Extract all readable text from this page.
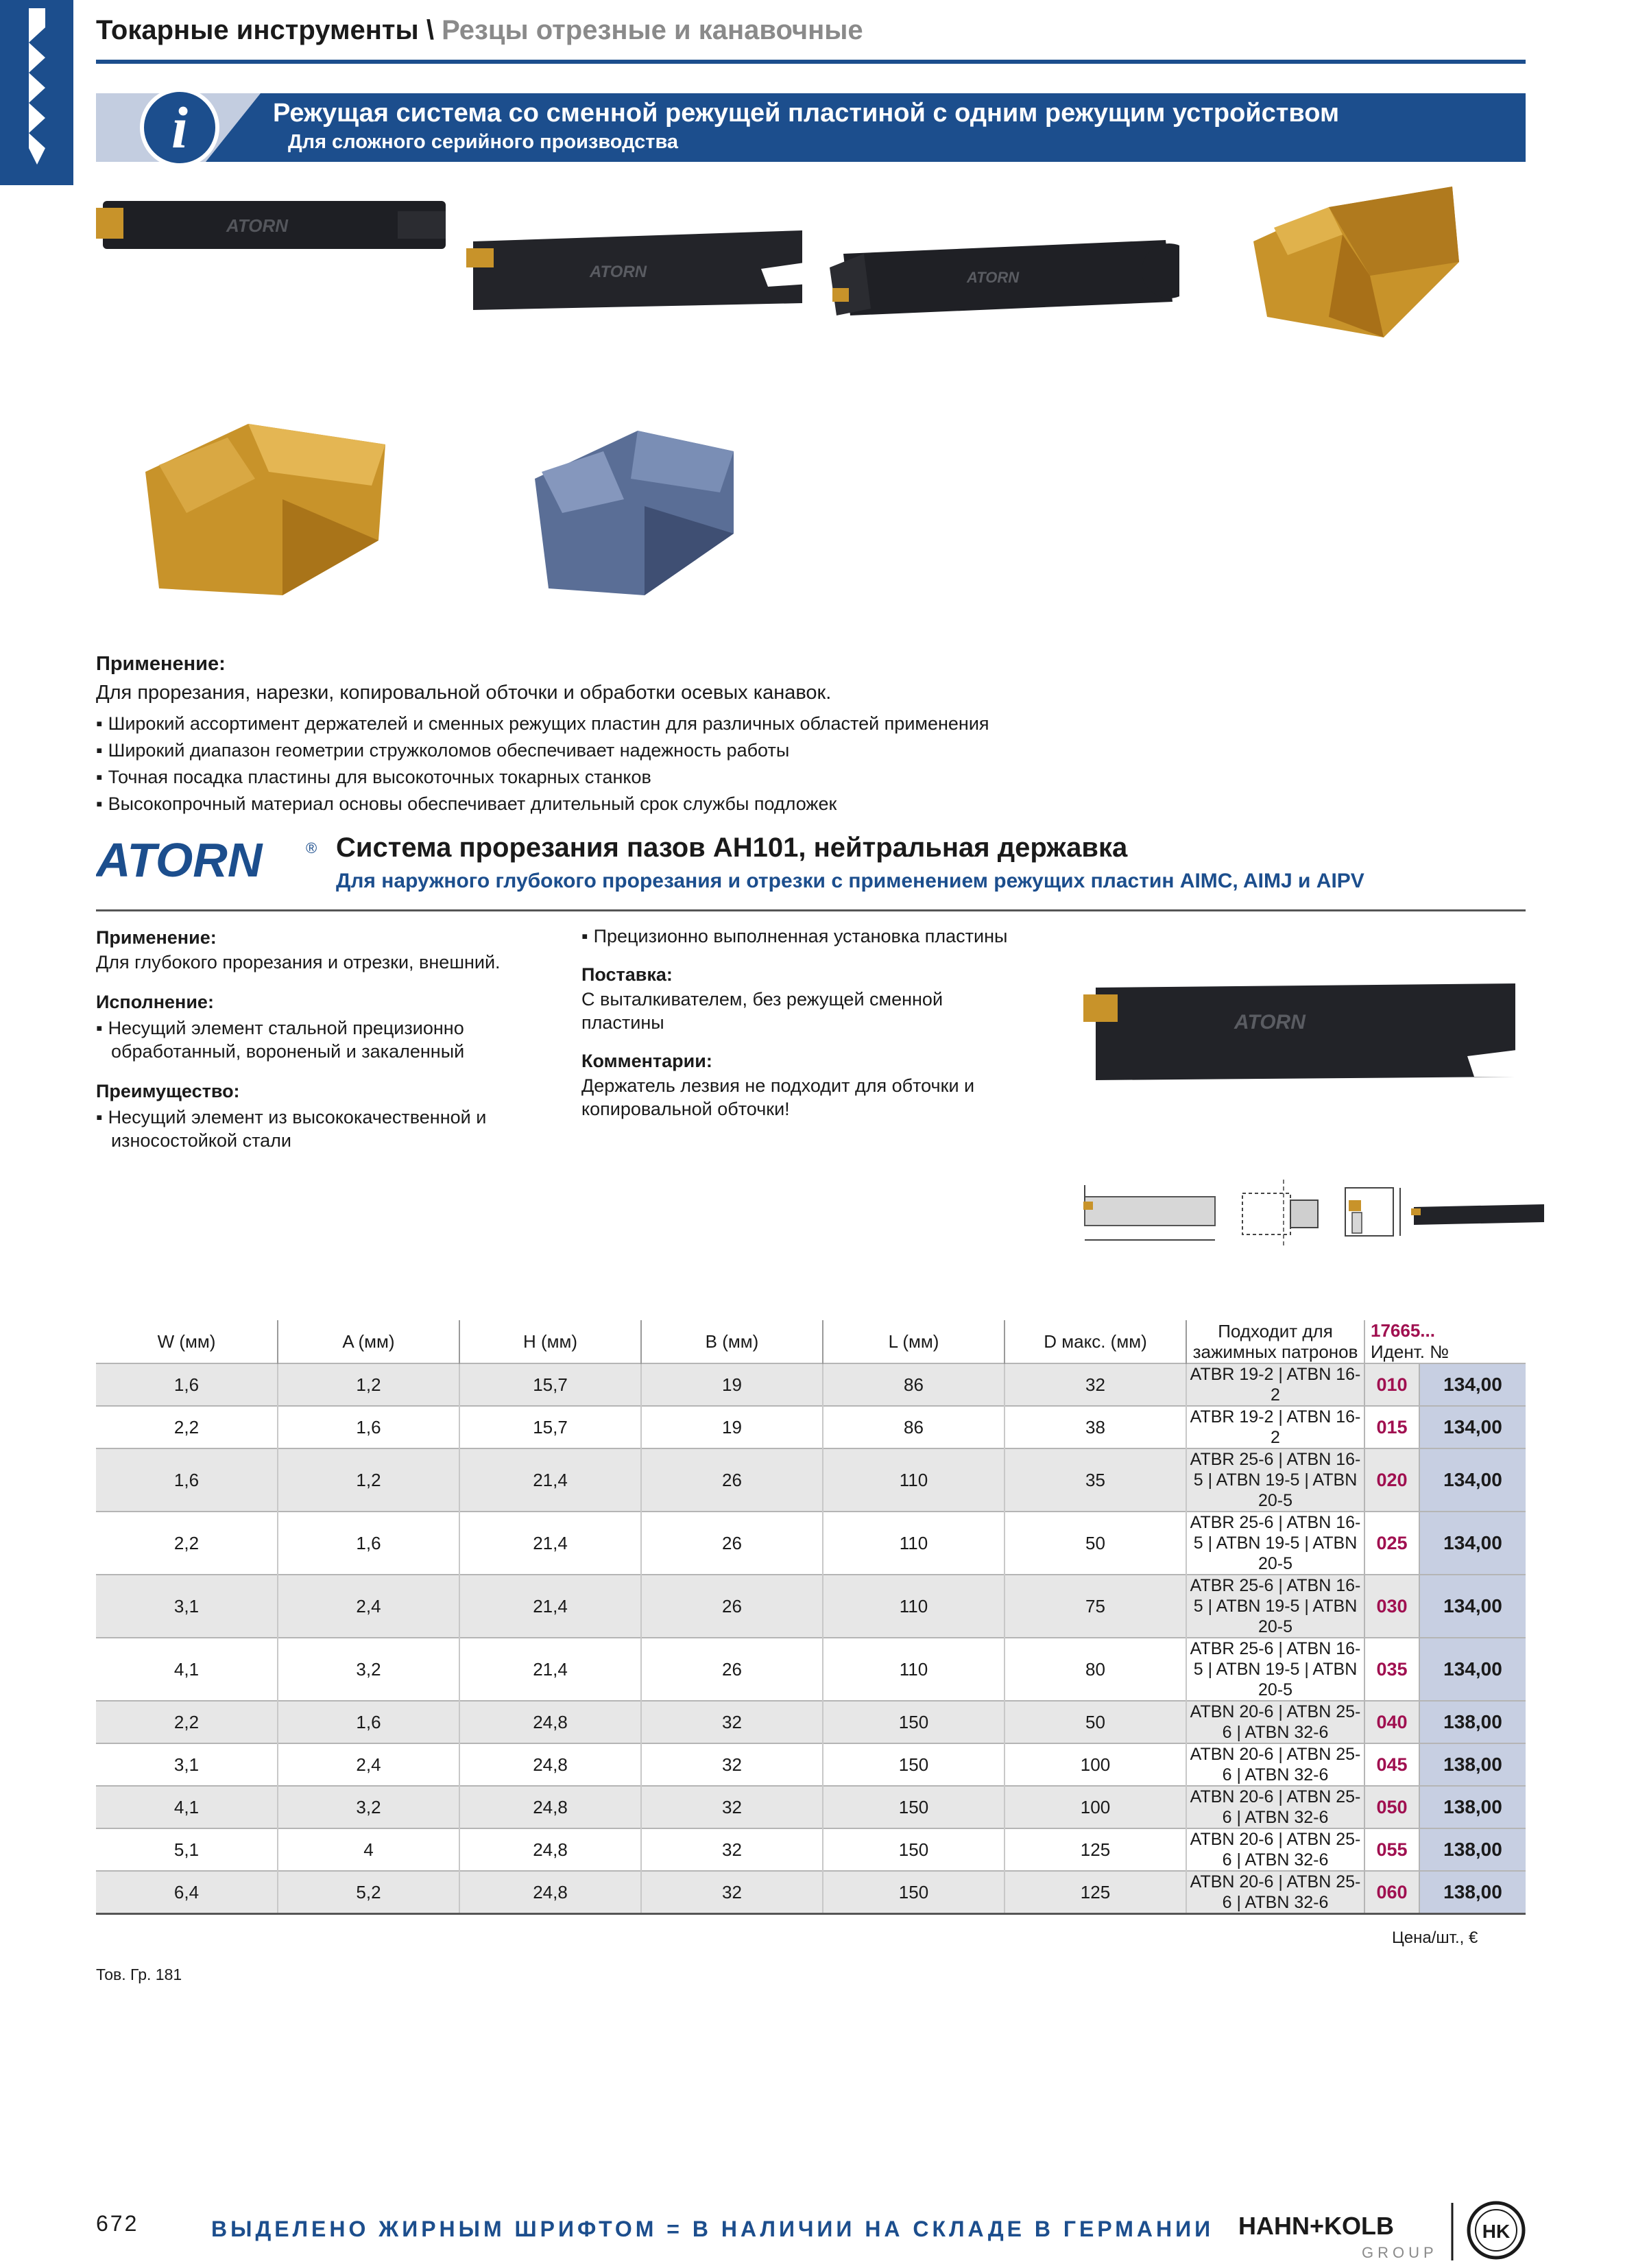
Токарные инструменты \ Резцы отрезные и канавочные
i	Режущая система со сменной режущей пластиной с одним режущим устройством
Для сложного серийного производства
ATORN
ATORN	ATORN
Применение:
Для прорезания, нарезки, копировальной обточки и обработки осевых канавок.
▪ Широкий ассортимент держателей и сменных режущих пластин для различных областей применения
▪ Широкий диапазон геометрии стружколомов обеспечивает надежность работы
▪ Точная посадка пластины для высокоточных токарных станков
▪ Высокопрочный материал основы обеспечивает длительный срок службы подложек
ATORN	® Система прорезания пазов AH101, нейтральная державка
Для наружного глубокого прорезания и отрезки с применением режущих пластин AIMC, AIMJ и AIPV
Применение:
Для глубокого прорезания и отрезки, внешний.
Исполнение:
▪ Несущий элемент стальной прецизионно обработанный, вороненый и закаленный
Преимущество:
▪ Несущий элемент из высококачественной и износостойкой стали
▪ Прецизионно выполненная установка пластины
Поставка:
С выталкивателем, без режущей сменной пластины
Комментарии:
Держатель лезвия не подходит для обточки и копировальной обточки!
ATORN
W (мм)	A (мм)	H (мм)	B (мм)	L (мм)	D макс. (мм)	Подходит для зажимных патронов	17665...
Идент. №	

1,6	1,2	15,7	19	86	32	ATBR 19-2 | ATBN 16-2	010	134,00
2,2	1,6	15,7	19	86	38	ATBR 19-2 | ATBN 16-2	015	134,00
1,6	1,2	21,4	26	110	35	ATBR 25-6 | ATBN 16-5 | ATBN 19-5 | ATBN 20-5	020	134,00
2,2	1,6	21,4	26	110	50	ATBR 25-6 | ATBN 16-5 | ATBN 19-5 | ATBN 20-5	025	134,00
3,1	2,4	21,4	26	110	75	ATBR 25-6 | ATBN 16-5 | ATBN 19-5 | ATBN 20-5	030	134,00
4,1	3,2	21,4	26	110	80	ATBR 25-6 | ATBN 16-5 | ATBN 19-5 | ATBN 20-5	035	134,00
2,2	1,6	24,8	32	150	50	ATBN 20-6 | ATBN 25-6 | ATBN 32-6	040	138,00
3,1	2,4	24,8	32	150	100	ATBN 20-6 | ATBN 25-6 | ATBN 32-6	045	138,00
4,1	3,2	24,8	32	150	100	ATBN 20-6 | ATBN 25-6 | ATBN 32-6	050	138,00
5,1	4	24,8	32	150	125	ATBN 20-6 | ATBN 25-6 | ATBN 32-6	055	138,00
6,4	5,2	24,8	32	150	125	ATBN 20-6 | ATBN 25-6 | ATBN 32-6	060	138,00
Цена/шт., €
Тов. Гр. 181
672	ВЫДЕЛЕНО ЖИРНЫМ ШРИФТОМ = В НАЛИЧИИ НА СКЛАДЕ В ГЕРМАНИИ HAHN+KOLB
GROUP
HK
